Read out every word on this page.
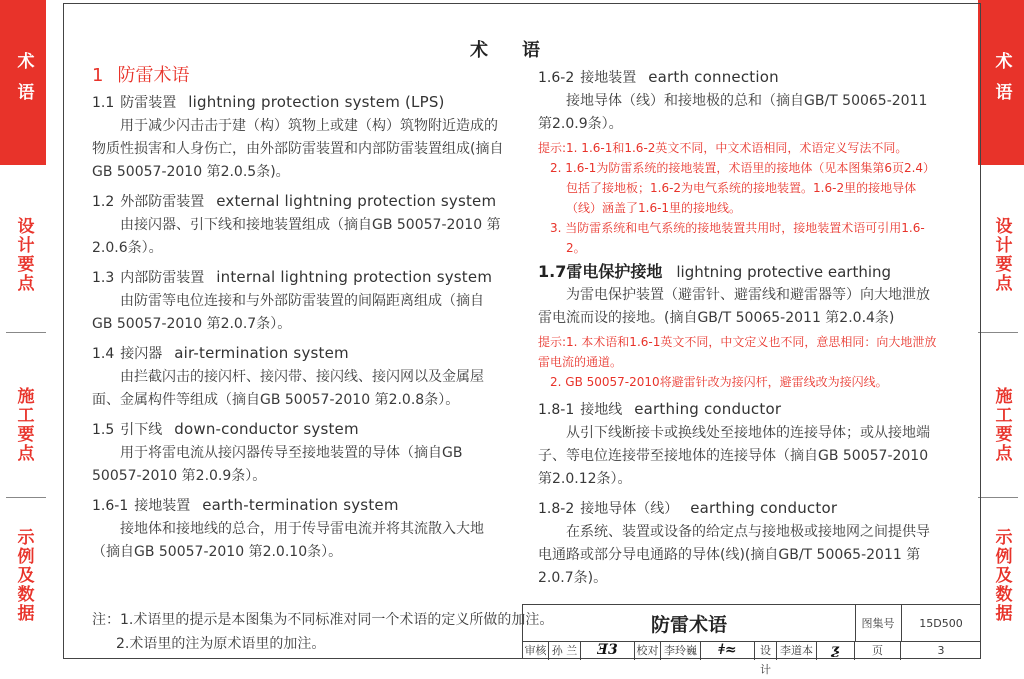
术语
设计要点
施工要点
示例及数据
术语
设计要点
施工要点
示例及数据
术语

1 防雷术语

1.1 防雷装置 lightning protection system (LPS)

用于减少闪击击于建（构）筑物上或建（构）筑物附近造成的物质性损害和人身伤亡，由外部防雷装置和内部防雷装置组成(摘自GB 50057-2010 第2.0.5条)。

1.2 外部防雷装置 external lightning protection system

由接闪器、引下线和接地装置组成（摘自GB 50057-2010 第2.0.6条）。

1.3 内部防雷装置 internal lightning protection system

由防雷等电位连接和与外部防雷装置的间隔距离组成（摘自GB 50057-2010 第2.0.7条）。

1.4 接闪器 air-termination system

由拦截闪击的接闪杆、接闪带、接闪线、接闪网以及金属屋面、金属构件等组成（摘自GB 50057-2010 第2.0.8条）。

1.5 引下线 down-conductor system

用于将雷电流从接闪器传导至接地装置的导体（摘自GB 50057-2010 第2.0.9条）。

1.6-1 接地装置 earth-termination system

接地体和接地线的总合，用于传导雷电流并将其流散入大地（摘自GB 50057-2010 第2.0.10条）。

1.6-2 接地装置 earth connection

接地导体（线）和接地极的总和（摘自GB/T 50065-2011 第2.0.9条）。

提示:1. 1.6-1和1.6-2英文不同，中文术语相同，术语定义写法不同。
2. 1.6-1为防雷系统的接地装置，术语里的接地体（见本图集第6页2.4）包括了接地板；1.6-2为电气系统的接地装置。1.6-2里的接地导体（线）涵盖了1.6-1里的接地线。
3. 当防雷系统和电气系统的接地装置共用时，接地装置术语可引用1.6-2。

1.7雷电保护接地 lightning protective earthing

为雷电保护装置（避雷针、避雷线和避雷器等）向大地泄放雷电流而设的接地。(摘自GB/T 50065-2011 第2.0.4条)

提示:1. 本术语和1.6-1英文不同，中文定义也不同，意思相同：向大地泄放雷电流的通道。
2. GB 50057-2010将避雷针改为接闪杆，避雷线改为接闪线。

1.8-1 接地线 earthing conductor

从引下线断接卡或换线处至接地体的连接导体；或从接地端子、等电位连接带至接地体的连接导体（摘自GB 50057-2010 第2.0.12条）。

1.8-2 接地导体（线） earthing conductor

在系统、装置或设备的给定点与接地极或接地网之间提供导电通路或部分导电通路的导体(线)(摘自GB/T 50065-2011 第2.0.7条)。

注：1.术语里的提示是本图集为不同标准对同一个术语的定义所做的加注。
2.术语里的注为原术语里的加注。
防雷术语	图集号	15D500
审核 孙 兰	Ǝ3	校对 李玲巍	ǂ≈	设计
李道本	ƺ	页	3
